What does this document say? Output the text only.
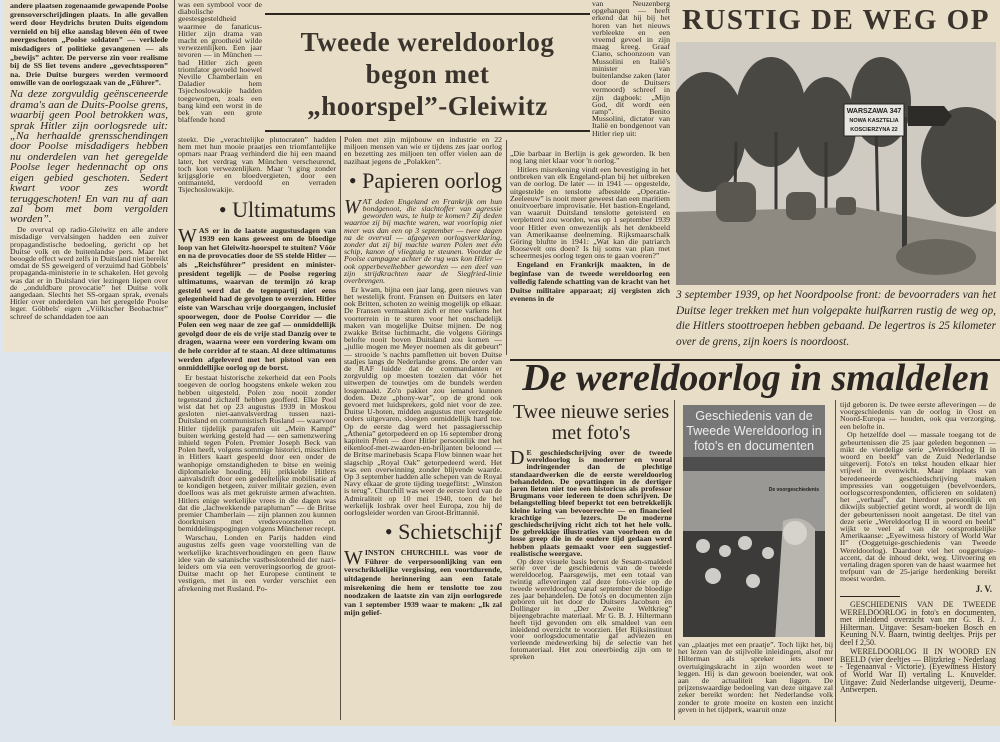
andere plaatsen zogenaamde gewapende Poolse grensoverschrijdingen plaats. In alle gevallen werd door Heydrichs bruten Duits eigendom vernield en bij elke aanslag bleven één of twee neergeschoten „Poolse soldaten” — verklede misdadigers of politieke gevangenen — als „bewijs” achter. De perverse zin voor realisme bij de SS liet tevens andere „gevechtssporen” na. Drie Duitse burgers werden vermoord omwille van de oorlogszaak van de „Führer”.

Na deze zorgvuldig geënsceneerde drama's aan de Duits-Poolse grens, waarbij geen Pool betrokken was, sprak Hitler zijn oorlogsrede uit: „Na herhaalde grensschendingen door Poolse misdadigers hebben nu onderdelen van het geregelde Poolse leger hedennacht op ons eigen gebied geschoten. Sedert kwart voor zes wordt teruggeschoten! En van nu af aan zal bom met bom vergolden worden”.

De overval op radio-Gleiwitz en alle andere misdadige vervalsingen hadden een zuiver propagandistische bedoeling, gericht op het Duitse volk en de buitenlandse pers. Maar het beoogde effect werd zelfs in Duitsland niet bereikt omdat de SS geweigerd of verzuimd had Göbbels' propaganda-ministerie in te schakelen. Het gevolg was dat er in Duitsland vier lezingen liepen over de „onduldbare provocatie” het Duitse volk aangedaan. Slechts het SS-orgaan sprak, evenals Hitler over onderdelen van het geregelde Poolse leger. Göbbels' eigen „Völkischer Beobachter” schreef de schanddaden toe aan

was een symbool voor de diabolische geestesgesteldheid waarmee de fanaticus-Hitler zijn drama van macht en grootheid wilde verwezenlijken. Een jaar tevoren — in München — had Hitler zich geen triomfator gevoeld hoewel Neville Chamberlain en Daladier hem Tsjechoslowakije hadden toegeworpen, zoals een bang kind een worst in de bek van een grote blaffende hond

Tweede wereldoorlog
begon met
„hoorspel”-Gleiwitz

steekt. Die „verachtelijke plutocraten” hadden hem met hun mooie praatjes een triomfantelijke opmars naar Praag verhinderd die hij een maand later, het verdrag van München verscheurend, toch kon verwezenlijken. Maar 't ging zonder krijgsglorie en bloedvergieten, door een ontmanteld, verdoofd en verraden Tsjechoslowakije.

• Ultimatums

WAS er in de laatste augustusdagen van 1939 een kans geweest om de bloedige loop van het Gleiwitz-hoorspel te stuiten? Vóór en na de provocaties door de SS stelde Hitler — als „Reichsführer” president en minister-president tegelijk — de Poolse regering ultimatums, waarvan de termijn zó krap gesteld werd dat de tegenpartij niet eens gelegenheid had de gevolgen te overzien. Hitler eiste van Warschau vrije doorgangen, inclusief spoorwegen, door de Poolse Corridor — die Polen een weg naar de zee gaf — onmiddellijk gevolgd door de eis de vrije stad Danzig over te dragen, waarna weer een vordering kwam om de hele corridor af te staan. Al deze ultimatums werden afgeleverd met het pistool van een onmiddellijke oorlog op de borst.

Er bestaat historische zekerheid dat een Pools toegeven de oorlog hoogstens enkele weken zou hebben uitgesteld. Polen zou nooit zonder tegenstand zichzelf hebben geofferd. Elke Pool wist dat het op 23 augustus 1939 in Moskou gesloten niet-aanvalsverdrag tussen nazi-Duitsland en communistisch Rusland — waarvoor Hitler tijdelijk paragrafen uit „Mein Kampf” buiten werking gesteld had — een samenzwering inhield tegen Polen. Premier Joseph Beck van Polen heeft, volgens sommige historici, misschien in Hitlers kaart gespeeld door een onder de wanhopige omstandigheden te bitse en weinig diplomatieke houding. Hij prikkelde Hitlers aanvalsdrift door een gedeeltelijke mobilisatie af te kondigen hetgeen, zuiver militair gezien, even doelloos was als met gekruiste armen afwachten. Hitlers enige werkelijke vrees in die dagen was dat die „lachwekkende parapluman” — de Britse premier Chamberlain — zijn plannen zou kunnen doorkruisen met vredesvoorstellen en bemiddelingspogingen volgens Münchener recept.

Warschau, Londen en Parijs hadden eind augustus zelfs geen vage voorstelling van de werkelijke krachtsverhoudingen en geen flauw idee van de satanische vastbeslotenheid der nazi-leiders om via een veroveringsoorlog de groot-Duitse macht op het Europese continent te vestigen, met in een verder verschiet een afrekening met Rusland. Po-

Polen met zijn mijnbouw en industrie en 22 miljoen mensen van wie er tijdens zes jaar oorlog en bezetting zes miljoen ten offer vielen aan de nazihaat jegens de „Polakken”.

• Papieren oorlog

WAT deden Engeland en Frankrijk om hun bondgenoot, die slachtoffer van agressie geworden was, te hulp te komen? Zij deden waartoe zij bij machte waren, wat voorlopig niet meer was dan een op 3 september — twee dagen na de overval — afgegeven oorlogsverklaring, zonder dat zij bij machte waren Polen met één schip, kanon of vliegtuig te steunen. Voordat de Poolse campagne achter de rug was kon Hitler — ook opperbevelhebber geworden — een deel van zijn strijdkrachten naar de Siegfried-linie overbrengen.

Er kwam, bijna een jaar lang, geen nieuws van het westelijk front. Fransen en Duitsers en later ook Britten, schoten zo weinig mogelijk op elkaar. De Fransen vermaakten zich er mee varkens het voorterrein in te sturen voor het onschadelijk maken van mogelijke Duitse mijnen. De nog zwakke Britse luchtmacht, die volgens Görings belofte nooit boven Duitsland zou komen — „jullie mogen me Meyer noemen als dit gebeurt” — strooide 's nachts pamfletten uit boven Duitse stadjes langs de Nederlandse grens. De order van de RAF luidde dat de commandanten er zorgvuldig op moesten toezien dat vóór het uitwerpen de touwtjes om de bundels werden losgemaakt. Zo'n pakket zou iemand kunnen doden. Deze „phony-war”, op de grond ook gevoerd met luidsprekers, gold niet voor de zee. Duitse U-boten, midden augustus met verzegelde orders uitgevaren, sloegen onmiddellijk hard toe. Op de eerste dag werd het passagiersschip „Athenia” getorpedeerd en op 16 september drong kapitein Prien — door Hitler persoonlijk met het eikenloof-met-zwaarden-en-briljanten beloond — de Britse marinebasis Scapa Flow binnen waar het slagschip „Royal Oak” getorpedeerd werd. Het was een overwinning zonder blijvende waarde. Op 3 september hadden alle schepen van de Royal Navy elkaar de grote tijding toegeflitst: „Winston is terug”. Churchill was weer de eerste lord van de Admiraliteit op 10 mei 1940, toen de hel werkelijk losbrak over heel Europa, zou hij de oorlogsleider worden van Groot-Brittannië.

• Schietschijf

WINSTON CHURCHILL was voor de Führer de verpersoonlijking van een verschrikkelijke vergissing, een voortdurende, uitdagende herinnering aan een fatale misrekening die hem er tenslotte toe zou noodzaken de laatste zin van zijn oorlogsrede van 1 september 1939 waar te maken: „Ik zal mijn gelief-

van Neuzenberg opgehangen — heeft erkend dat hij bij het horen van het nieuws verbleekte en een vreemd gevoel in zijn maag kreeg. Graaf Ciano, schoonzoon van Mussolini en Italië's minister van buitenlandse zaken (later door de Duitsers vermoord) schreef in zijn dagboek: „Mijn God, dit wordt een ramp”. Benito Mussolini, dictator van Italië en bondgenoot van Hitler riep uit:

„Die barbaar in Berlijn is gek geworden. Ik ben nog lang niet klaar voor 'n oorlog.”

Hitlers misrekening vindt een bevestiging in het ontbreken van elk Engeland-plan bij het uitbreken van de oorlog. De later — in 1941 — opgestelde, uitgestelde en tenslotte afbestelde „Operatie-Zeeleeuw” is nooit meer geweest dan een maritiem onuitvoerbare improvisatie. Het bastion-Engeland, van waaruit Duitsland tenslotte geteisterd en verpletterd zou worden, was op 1 september 1939 voor Hitler even onwezenlijk als het denkbeeld van Amerikaanse deelneming. Rijksmaarschalk Göring bluftte in 1941: „Wat kan die patriarch Roosevelt ons doen? Is hij soms van plan met scheermesjes oorlog tegen ons te gaan voeren?”

Engeland en Frankrijk maakten, in de beginfase van de tweede wereldoorlog een volledig falende schatting van de kracht van het Duitse militaire apparaat; zij vergisten zich evenens in de

RUSTIG DE WEG OP
WARSZAWA 347
NOWA KASZTELIA
KOSCIERZYNA 22
3 september 1939, op het Noordpoolse front: de bevoorraders van het Duitse leger trekken met hun volgepakte huifkarren rustig de weg op, die Hitlers stoottroepen hebben gebaand. De legertros is 25 kilometer over de grens, zijn koers is noordoost.
De wereldoorlog in smaldelen
Twee nieuwe series met foto's

D E geschiedschrijving over de tweede wereldoorlog is moderner en vooral indringender dan de plechtige standaardwerken die de eerste wereldoorlog behandelden. De opvattingen in de dertiger jaren lieten niet toe een historicus als professor Brugmans voor iedereen te doen schrijven. De belangstelling bleef beperkt tot een betrekkelijk kleine kring van bevoorrechte — en financieel krachtige — lezers. De moderne geschiedschrijving richt zich tot het hele volk. De gebrekkige illustraties van voorheen en de losse greep die in de oudere tijd gedaan werd hebben plaats gemaakt voor een suggestief-realistische weergave.

Op deze visuele basis berust de Sesam-smaldeel serie over de geschiedenis van de tweede wereldoorlog. Paarsgewijs, met een totaal van twintig afleveringen zal deze foto-visie op de tweede wereldoorlog vanaf september de bloedige zes jaar behandelen. De foto's en documenten zijn geboren uit het door de Duitsers Jacobsen en Dollinger in „Der Zweite Weltkrieg” bijeengebrachte materiaal. Mr G. B. J. Hiltermann heeft tijd gevonden om elk smaldeel van een inleidend overzicht te voorzien. Het Rijksinstituut voor oorlogsdocumentatie gaf adviezen en verleende medewerking bij de selectie van het fotomateriaal. Het zou oneerbiedig zijn om te spreken

Geschiedenis van de Tweede Wereldoorlog in foto's en documenten
De voorgeschiedenis

van „plaatjes met een praatje”. Toch lijkt het, bij het lezen van de stijlvolle inleidingen, alsof mr Hilterman als spreker iets meer overtuigingskracht in zijn woorden weet te leggen. Hij is dan gewoon boeiender, wat ook aan de actualiteit kan liggen. De prijzenswaardige bedoeling van deze uitgave zal zeker bereikt worden: het Nederlandse volk zonder te grote moeite en kosten een inzicht geven in het tijdperk, waaruit onze

tijd geboren is. De twee eerste afleveringen — de voorgeschiedenis van de oorlog in Oost en Noord-Europa — houden, ook qua verzorging, een belofte in.

Op hetzelfde doel — massale toegang tot de gebeurtenissen die 25 jaar geleden begonnen — mikt de vierdelige serie „Wereldoorlog II in woord en beeld” van de Zuid Nederlandse uitgeverij. Foto's en tekst houden elkaar hier vrijwel in evenwicht. Maar inplaats van beredeneerde geschiedschrijving maken impressies van ooggetuigen (bevelvoerders, oorlogscorrespondenten, officieren en soldaten) het „verhaal”, dat hierdoor persoonlijk en dikwijls subjectief getint wordt, al wordt de lijn der gebeurtenissen nooit aangetast. De titel van deze serie „Wereldoorlog II in woord en beeld” wijkt te veel af van de oorspronkelijke Amerikaanse: „Eyewitness history of World War II” (Ooggetuige-geschiedenis van Tweede Wereldoorlog). Daardoor viel het ooggetuige-accent, dat de inhoud dekt, weg. Uitvoering en vertaling dragen sporen van de haast waarmee het trefpunt van de 25-jarige herdenking bereikt moest worden.

J. V.

GESCHIEDENIS VAN DE TWEEDE WERELDOORLOG in foto's en documenten, met inleidend overzicht van mr G. B. J. Hilterman. Uitgave: Sesam-boeken Bosch en Keuning N.V. Baarn, twintig deeltjes. Prijs per deel f 2,50.

WERELDOORLOG II IN WOORD EN BEELD (vier deeltjes — Blitzkrieg - Nederlaag - Tegenaanval - Victorie). (Eyewitness History of World War II) vertaling L. Knuvelder. Uitgave: Zuid Nederlandse uitgeverij, Deurne-Antwerpen.
